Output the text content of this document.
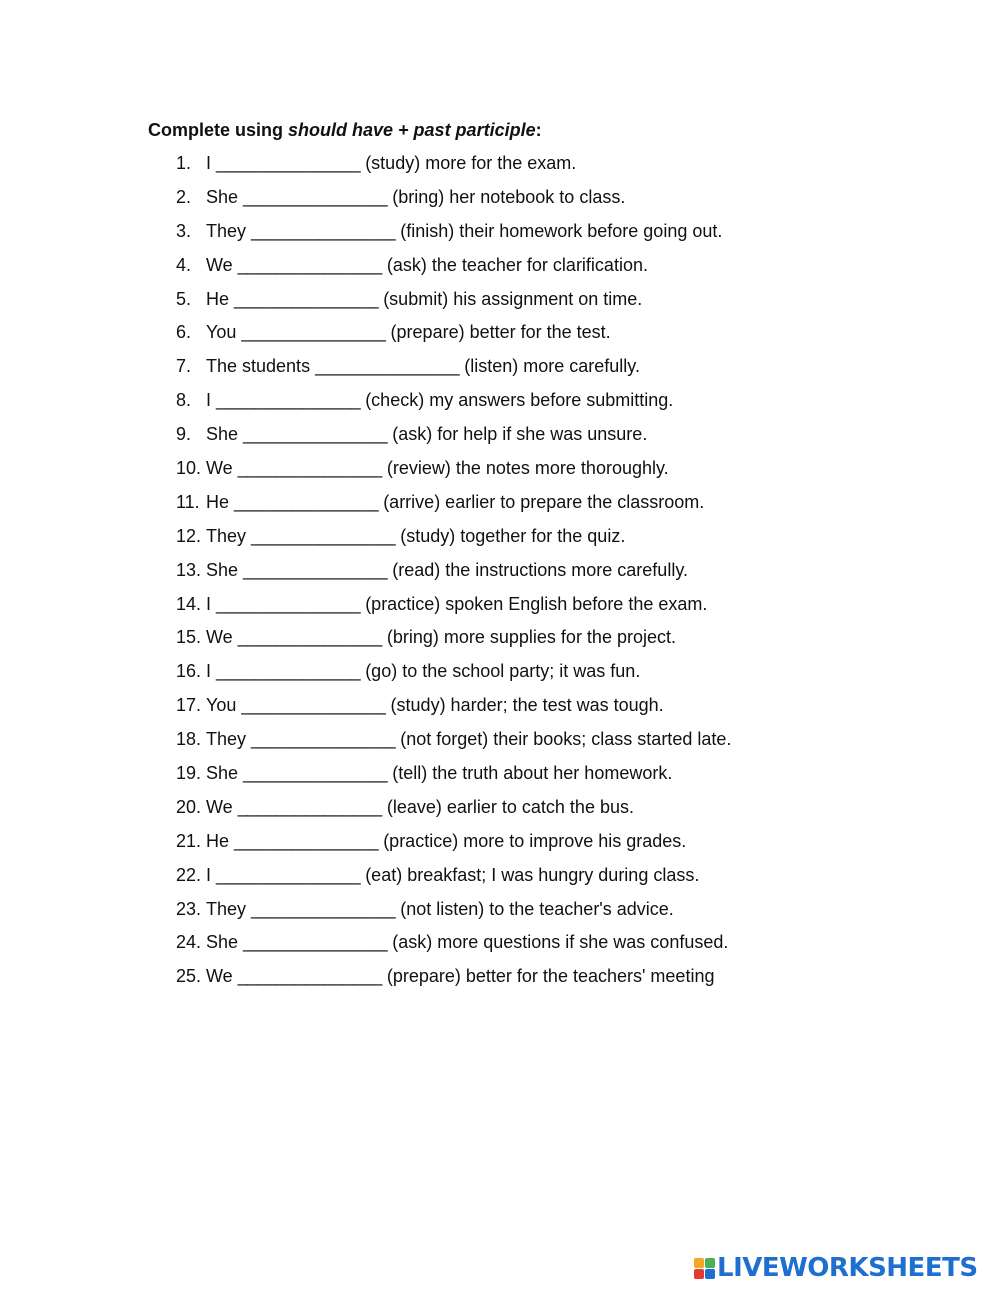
Complete using should have + past participle:
1. I _______________ (study) more for the exam.
2. She _______________ (bring) her notebook to class.
3. They _______________ (finish) their homework before going out.
4. We _______________ (ask) the teacher for clarification.
5. He _______________ (submit) his assignment on time.
6. You _______________ (prepare) better for the test.
7. The students _______________ (listen) more carefully.
8. I _______________ (check) my answers before submitting.
9. She _______________ (ask) for help if she was unsure.
10. We _______________ (review) the notes more thoroughly.
11. He _______________ (arrive) earlier to prepare the classroom.
12. They _______________ (study) together for the quiz.
13. She _______________ (read) the instructions more carefully.
14. I _______________ (practice) spoken English before the exam.
15. We _______________ (bring) more supplies for the project.
16. I _______________ (go) to the school party; it was fun.
17. You _______________ (study) harder; the test was tough.
18. They _______________ (not forget) their books; class started late.
19. She _______________ (tell) the truth about her homework.
20. We _______________ (leave) earlier to catch the bus.
21. He _______________ (practice) more to improve his grades.
22. I _______________ (eat) breakfast; I was hungry during class.
23. They _______________ (not listen) to the teacher's advice.
24. She _______________ (ask) more questions if she was confused.
25. We _______________ (prepare) better for the teachers' meeting
LIVEWORKSHEETS
